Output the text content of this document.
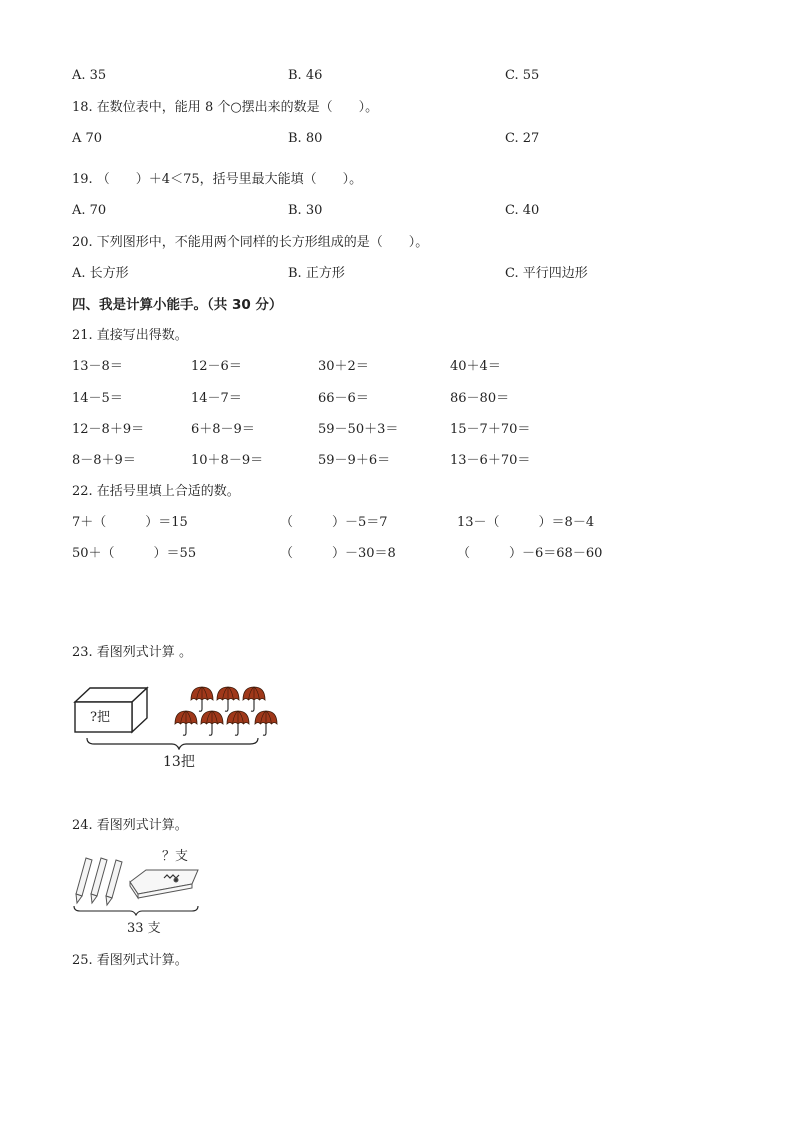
A. 35	B. 46	C. 55
18. 在数位表中，能用 8 个○摆出来的数是（　　）。
A 70	B. 80	C. 27
19. （　　）＋4＜75，括号里最大能填（　　）。
A. 70	B. 30	C. 40
20. 下列图形中，不能用两个同样的长方形组成的是（　　）。
A. 长方形	B. 正方形	C. 平行四边形
四、我是计算小能手。（共 30 分）
21. 直接写出得数。
13－8＝	12－6＝	30＋2＝	40＋4＝
14－5＝	14－7＝	66－6＝	86－80＝
12－8＋9＝	6＋8－9＝	59－50＋3＝	15－7＋70＝
8－8＋9＝	10＋8－9＝	59－9＋6＝	13－6＋70＝
22. 在括号里填上合适的数。
7＋（　　　）＝15	（　　　）－5＝7	13－（　　　）＝8－4
50＋（　　　）＝55	（　　　）－30＝8	（　　　）－6＝68－60
23. 看图列式计算 。
?把
13把
24. 看图列式计算。
？支
33 支
25. 看图列式计算。
